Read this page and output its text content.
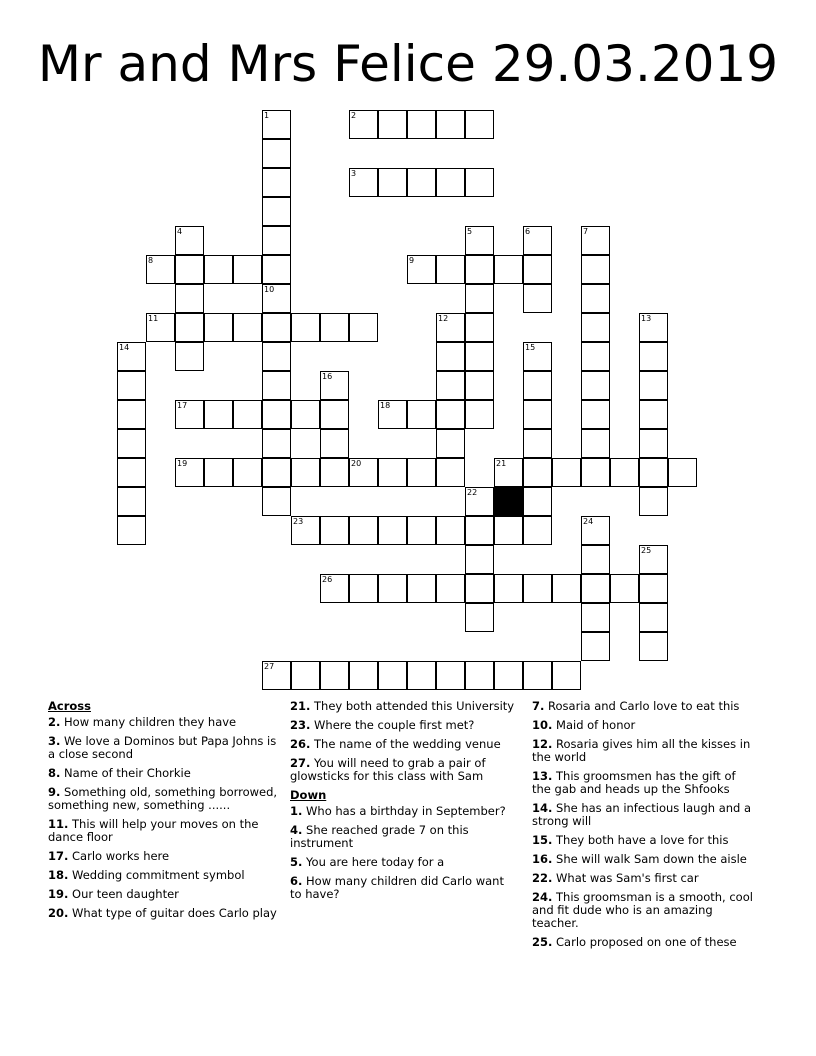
Mr and Mrs Felice 29.03.2019
2
3
8	9
11
17	18
19	20	21
23
26
27
1
10
4	5	6	7
12	13
14	15
16
22
24
25
Across
2. How many children they have
3. We love a Dominos but Papa Johns is a close second
8. Name of their Chorkie
9. Something old, something borrowed, something new, something ......
11. This will help your moves on the dance floor
17. Carlo works here
18. Wedding commitment symbol
19. Our teen daughter
20. What type of guitar does Carlo play
21. They both attended this University
23. Where the couple first met?
26. The name of the wedding venue
27. You will need to grab a pair of glowsticks for this class with Sam
Down
1. Who has a birthday in September?
4. She reached grade 7 on this instrument
5. You are here today for a
6. How many children did Carlo want to have?
7. Rosaria and Carlo love to eat this
10. Maid of honor
12. Rosaria gives him all the kisses in the world
13. This groomsmen has the gift of the gab and heads up the Shfooks
14. She has an infectious laugh and a strong will
15. They both have a love for this
16. She will walk Sam down the aisle
22. What was Sam's first car
24. This groomsman is a smooth, cool and fit dude who is an amazing teacher.
25. Carlo proposed on one of these
